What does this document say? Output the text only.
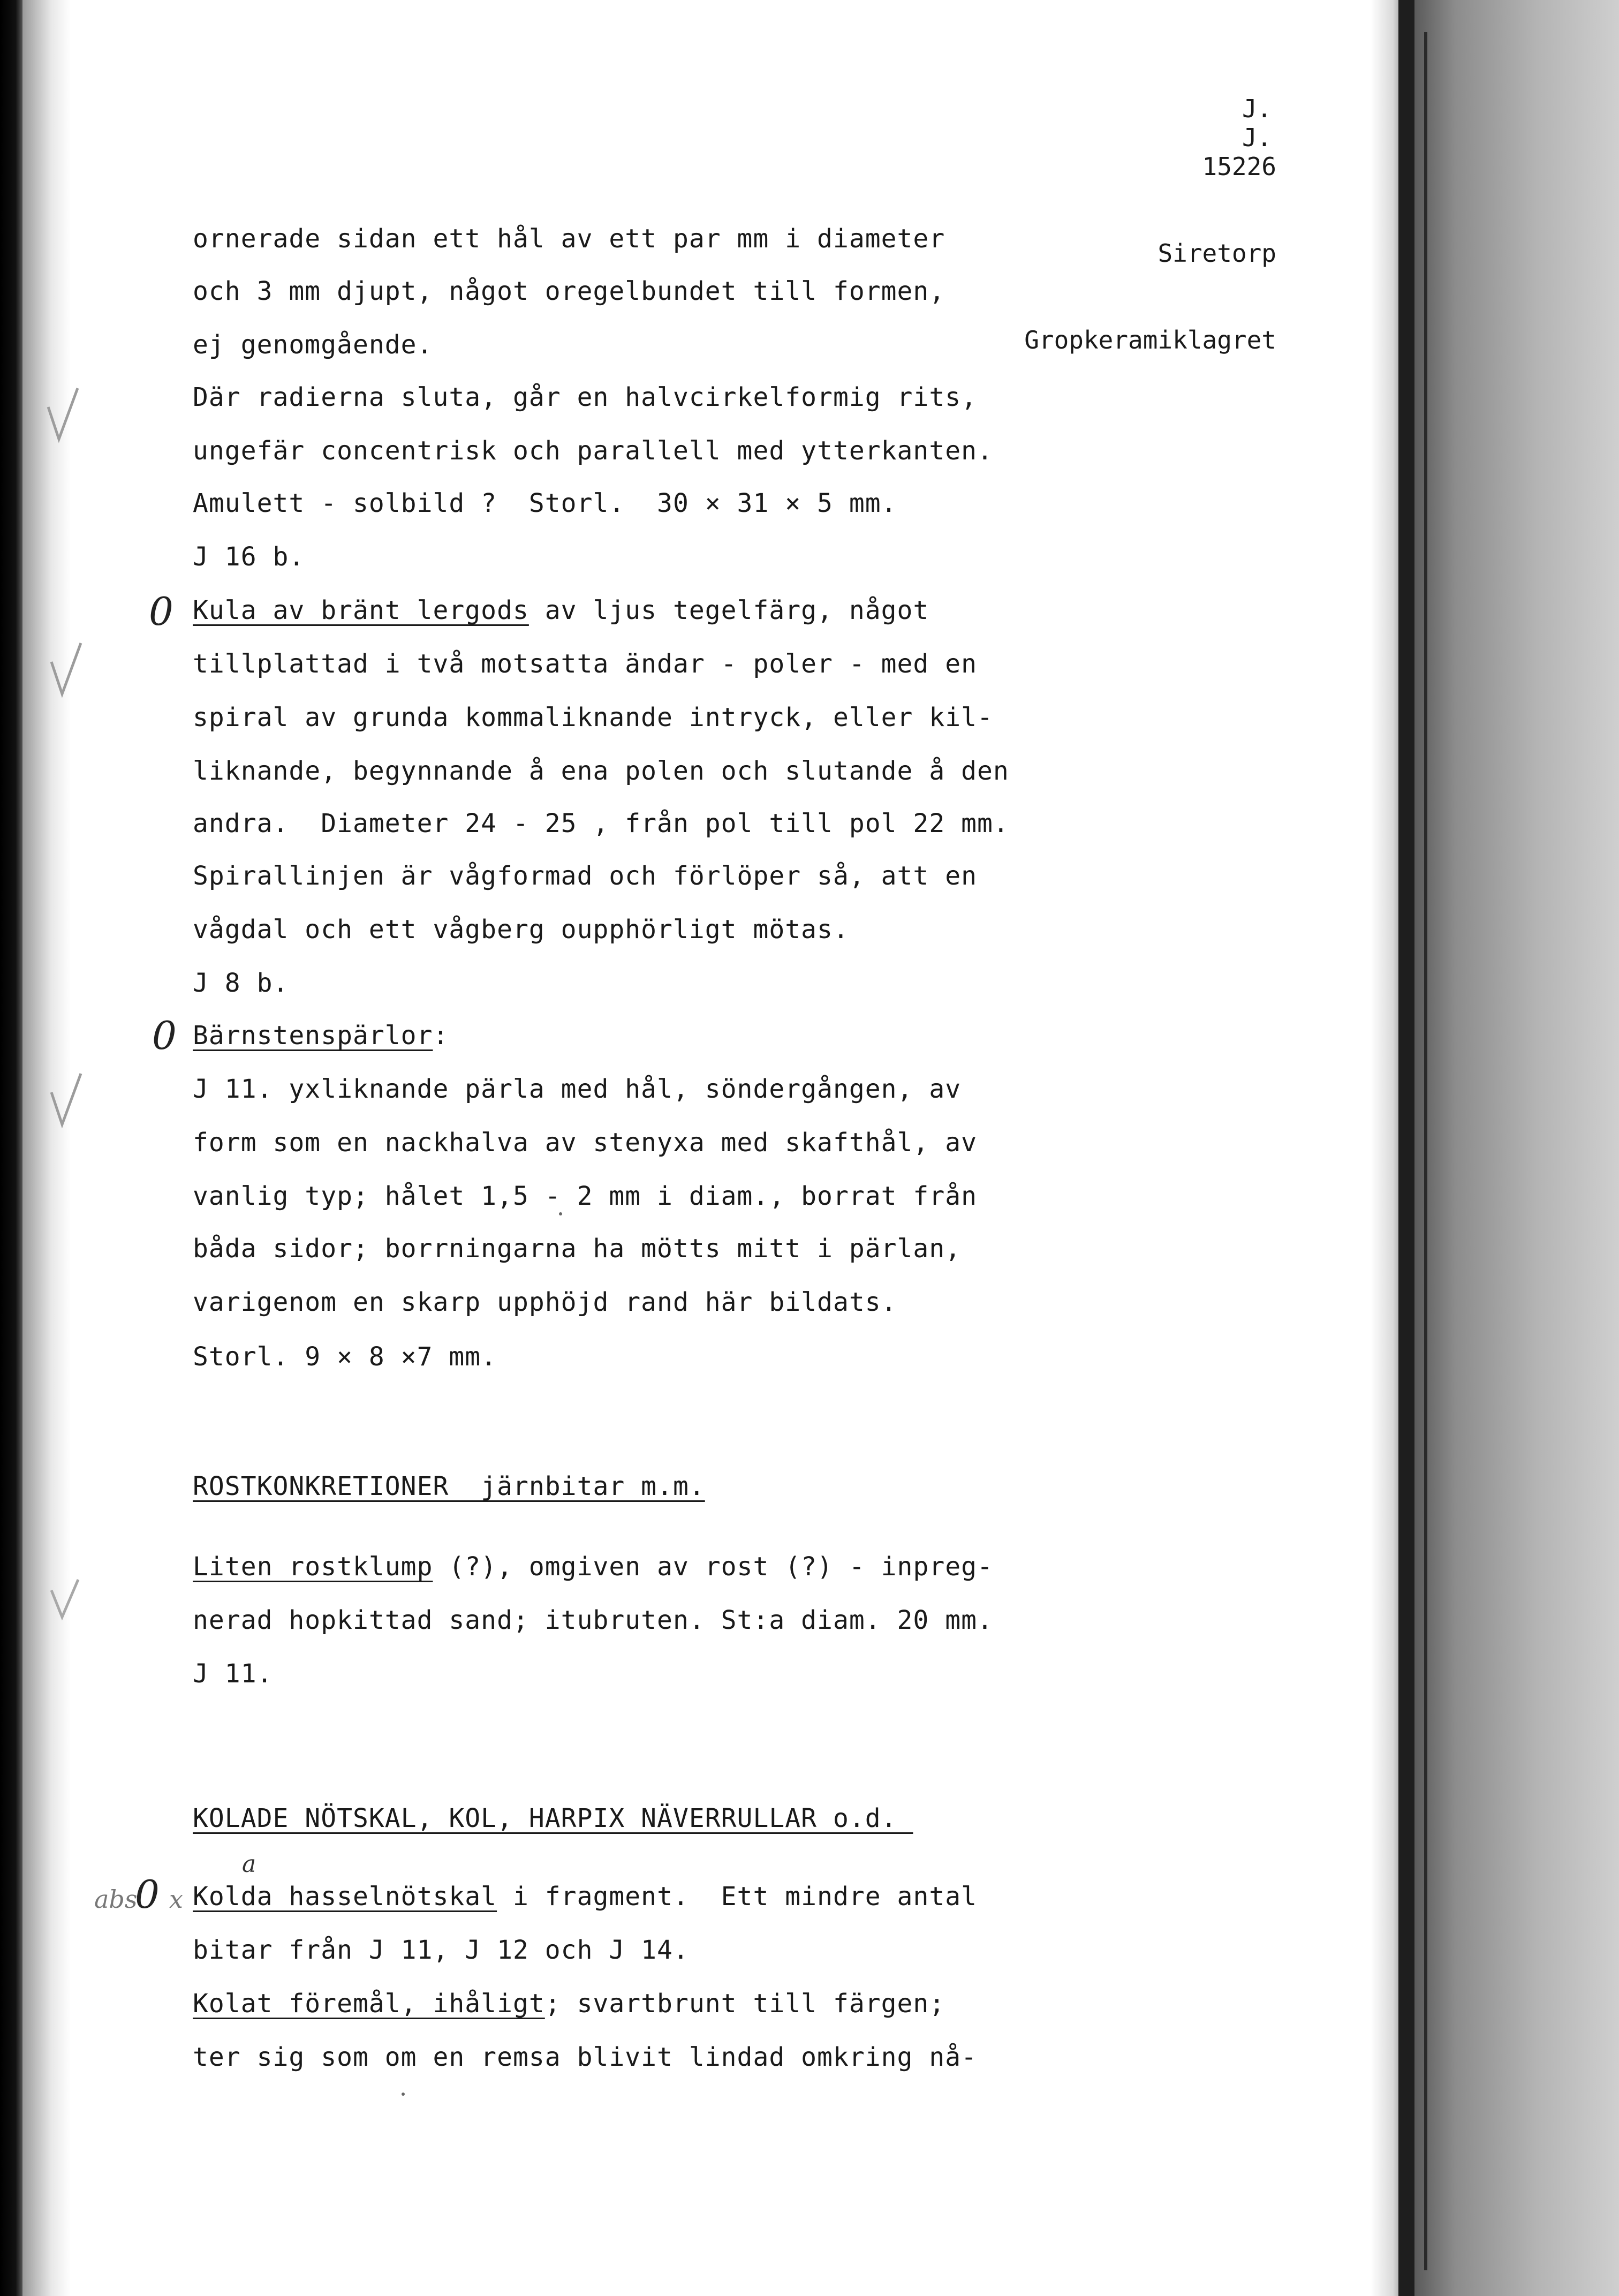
15226

Siretorp

Gropkeramiklagret

J.
J.
ornerade sidan ett hål av ett par mm i diameter
och 3 mm djupt, något oregelbundet till formen,
ej genomgående.
Där radierna sluta, går en halvcirkelformig rits,
ungefär concentrisk och parallell med ytterkanten.
Amulett - solbild ?  Storl.  30 × 31 × 5 mm.
J 16 b.
Kula av bränt lergods av ljus tegelfärg, något
tillplattad i två motsatta ändar - poler - med en
spiral av grunda kommaliknande intryck, eller kil-
liknande, begynnande å ena polen och slutande å den
andra.  Diameter 24 - 25 , från pol till pol 22 mm.
Spirallinjen är vågformad och förlöper så, att en
vågdal och ett vågberg oupphörligt mötas.
J 8 b.
Bärnstenspärlor:
J 11. yxliknande pärla med hål, söndergången, av
form som en nackhalva av stenyxa med skafthål, av
vanlig typ; hålet 1,5 - 2 mm i diam., borrat från
båda sidor; borrningarna ha mötts mitt i pärlan,
varigenom en skarp upphöjd rand här bildats.
Storl. 9 × 8 ×7 mm.
ROSTKONKRETIONER  järnbitar m.m.
Liten rostklump (?), omgiven av rost (?) - inpreg-
nerad hopkittad sand; itubruten. St:a diam. 20 mm.
J 11.
KOLADE NÖTSKAL, KOL, HARPIX NÄVERRULLAR o.d.
Kolda hasselnötskal i fragment.  Ett mindre antal
bitar från J 11, J 12 och J 14.
Kolat föremål, ihåligt; svartbrunt till färgen;
ter sig som om en remsa blivit lindad omkring nå-
0
0
abs
0 x
a
